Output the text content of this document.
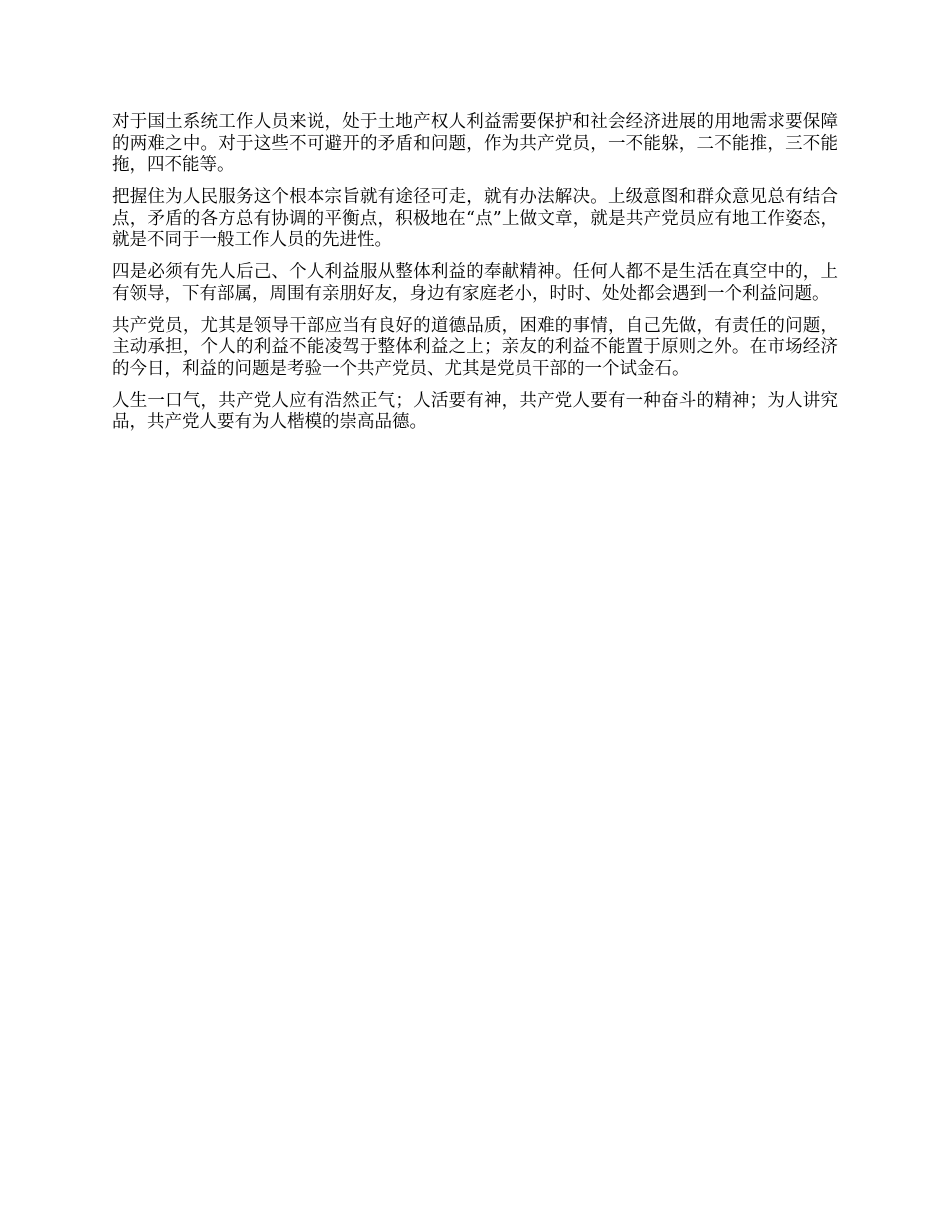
对于国土系统工作人员来说，处于土地产权人利益需要保护和社会经济进展的用地需求要保障的两难之中。对于这些不可避开的矛盾和问题，作为共产党员，一不能躲，二不能推，三不能拖，四不能等。

把握住为人民服务这个根本宗旨就有途径可走，就有办法解决。上级意图和群众意见总有结合点，矛盾的各方总有协调的平衡点，积极地在“点”上做文章，就是共产党员应有地工作姿态，就是不同于一般工作人员的先进性。

四是必须有先人后己、个人利益服从整体利益的奉献精神。任何人都不是生活在真空中的，上有领导，下有部属，周围有亲朋好友，身边有家庭老小，时时、处处都会遇到一个利益问题。

共产党员，尤其是领导干部应当有良好的道德品质，困难的事情，自己先做，有责任的问题，主动承担，个人的利益不能凌驾于整体利益之上；亲友的利益不能置于原则之外。在市场经济的今日，利益的问题是考验一个共产党员、尤其是党员干部的一个试金石。

人生一口气，共产党人应有浩然正气；人活要有神，共产党人要有一种奋斗的精神；为人讲究品，共产党人要有为人楷模的崇高品德。
